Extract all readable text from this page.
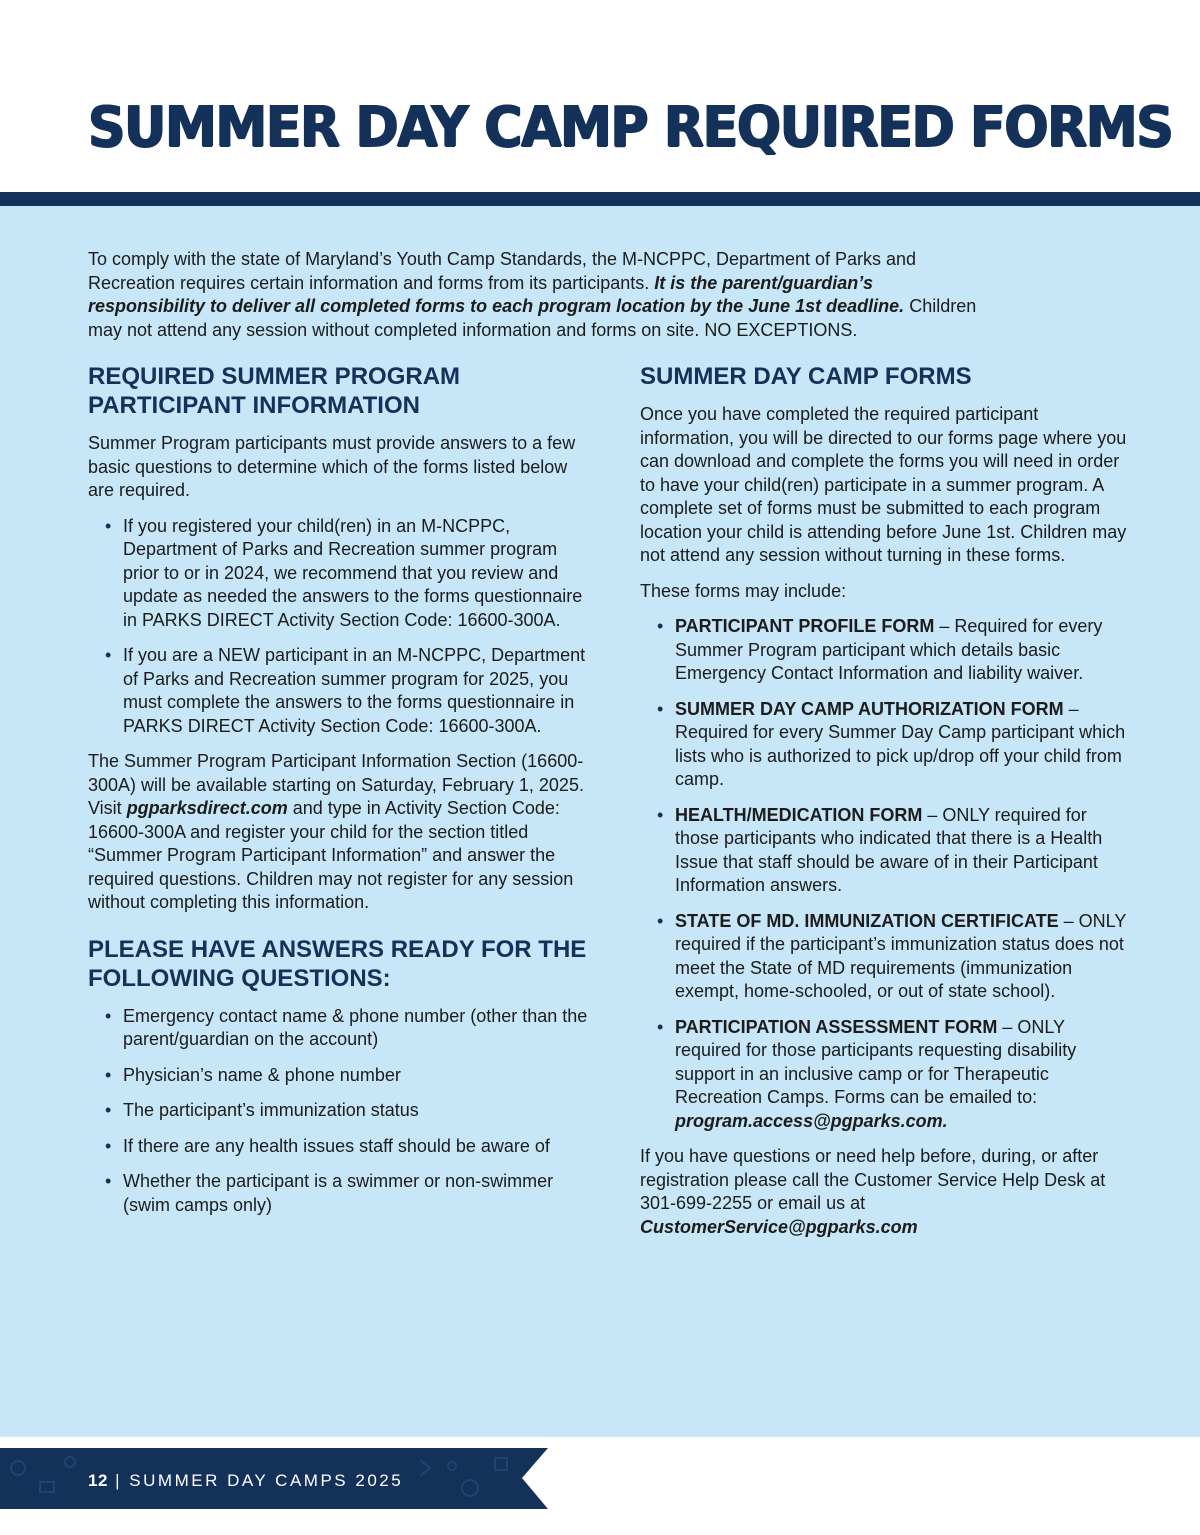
SUMMER DAY CAMP REQUIRED FORMS

To comply with the state of Maryland’s Youth Camp Standards, the M-NCPPC, Department of Parks and Recreation requires certain information and forms from its participants. It is the parent/guardian’s responsibility to deliver all completed forms to each program location by the June 1st deadline. Children may not attend any session without completed information and forms on site. NO EXCEPTIONS.

REQUIRED SUMMER PROGRAM PARTICIPANT INFORMATION

Summer Program participants must provide answers to a few basic questions to determine which of the forms listed below are required.

• If you registered your child(ren) in an M-NCPPC, Department of Parks and Recreation summer program prior to or in 2024, we recommend that you review and update as needed the answers to the forms questionnaire in PARKS DIRECT Activity Section Code: 16600-300A.
• If you are a NEW participant in an M-NCPPC, Department of Parks and Recreation summer program for 2025, you must complete the answers to the forms questionnaire in PARKS DIRECT Activity Section Code: 16600-300A.

The Summer Program Participant Information Section (16600-300A) will be available starting on Saturday, February 1, 2025. Visit pgparksdirect.com and type in Activity Section Code: 16600-300A and register your child for the section titled “Summer Program Participant Information” and answer the required questions. Children may not register for any session without completing this information.

PLEASE HAVE ANSWERS READY FOR THE FOLLOWING QUESTIONS:
• Emergency contact name & phone number (other than the parent/guardian on the account)
• Physician’s name & phone number
• The participant’s immunization status
• If there are any health issues staff should be aware of
• Whether the participant is a swimmer or non-swimmer (swim camps only)
SUMMER DAY CAMP FORMS

Once you have completed the required participant information, you will be directed to our forms page where you can download and complete the forms you will need in order to have your child(ren) participate in a summer program. A complete set of forms must be submitted to each program location your child is attending before June 1st. Children may not attend any session without turning in these forms.

These forms may include:

• PARTICIPANT PROFILE FORM – Required for every Summer Program participant which details basic Emergency Contact Information and liability waiver.
• SUMMER DAY CAMP AUTHORIZATION FORM – Required for every Summer Day Camp participant which lists who is authorized to pick up/drop off your child from camp.
• HEALTH/MEDICATION FORM – ONLY required for those participants who indicated that there is a Health Issue that staff should be aware of in their Participant Information answers.
• STATE OF MD. IMMUNIZATION CERTIFICATE – ONLY required if the participant’s immunization status does not meet the State of MD requirements (immunization exempt, home-schooled, or out of state school).
• PARTICIPATION ASSESSMENT FORM – ONLY required for those participants requesting disability support in an inclusive camp or for Therapeutic Recreation Camps. Forms can be emailed to: program.access@pgparks.com.

If you have questions or need help before, during, or after registration please call the Customer Service Help Desk at 301-699-2255 or email us at CustomerService@pgparks.com

12 | SUMMER DAY CAMPS 2025
